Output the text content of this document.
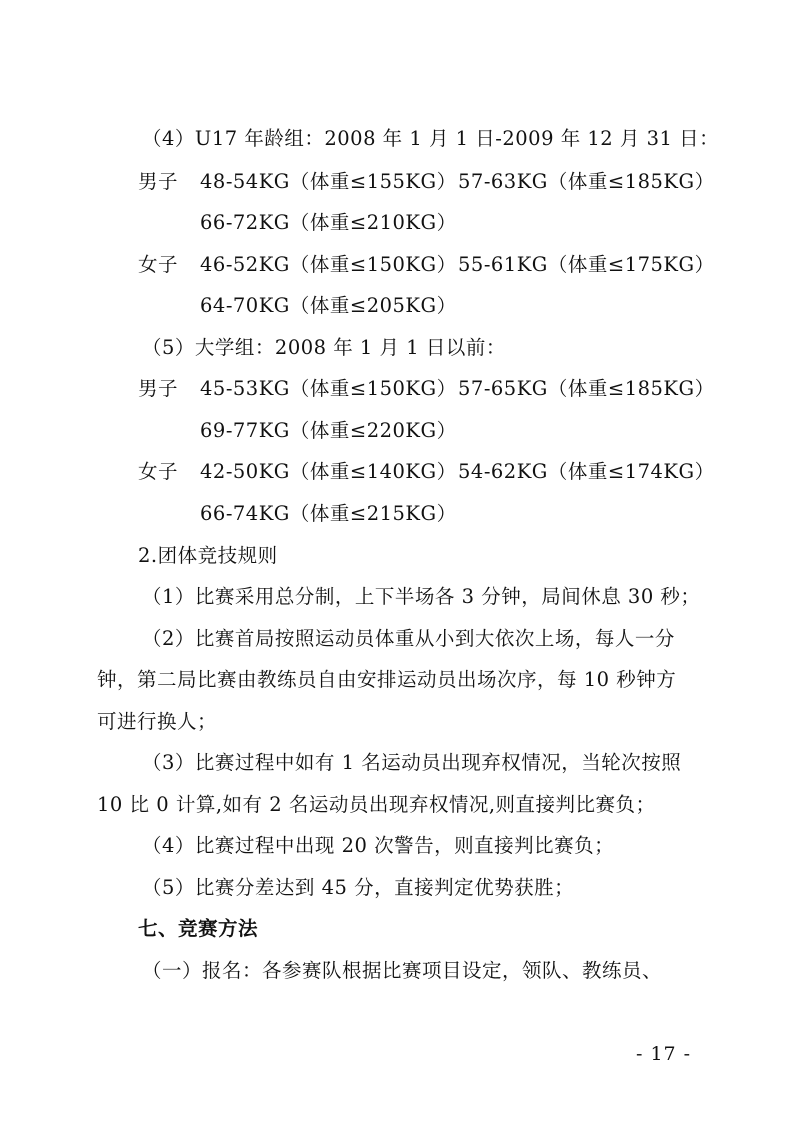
（4）U17 年龄组：2008 年 1 月 1 日-2009 年 12 月 31 日：
男子 48-54KG（体重≤155KG） 57-63KG（体重≤185KG）
66-72KG（体重≤210KG）
女子 46-52KG（体重≤150KG） 55-61KG（体重≤175KG）
64-70KG（体重≤205KG）
（5）大学组：2008 年 1 月 1 日以前：
男子 45-53KG（体重≤150KG） 57-65KG（体重≤185KG）
69-77KG（体重≤220KG）
女子 42-50KG（体重≤140KG） 54-62KG（体重≤174KG）
66-74KG（体重≤215KG）
2.团体竞技规则
（1）比赛采用总分制，上下半场各 3 分钟，局间休息 30 秒；
（2）比赛首局按照运动员体重从小到大依次上场，每人一分
钟，第二局比赛由教练员自由安排运动员出场次序，每 10 秒钟方
可进行换人；
（3）比赛过程中如有 1 名运动员出现弃权情况，当轮次按照
10 比 0 计算,如有 2 名运动员出现弃权情况,则直接判比赛负；
（4）比赛过程中出现 20 次警告，则直接判比赛负；
（5）比赛分差达到 45 分，直接判定优势获胜；
七、竞赛方法
（一）报名：各参赛队根据比赛项目设定，领队、教练员、
- 17 -
